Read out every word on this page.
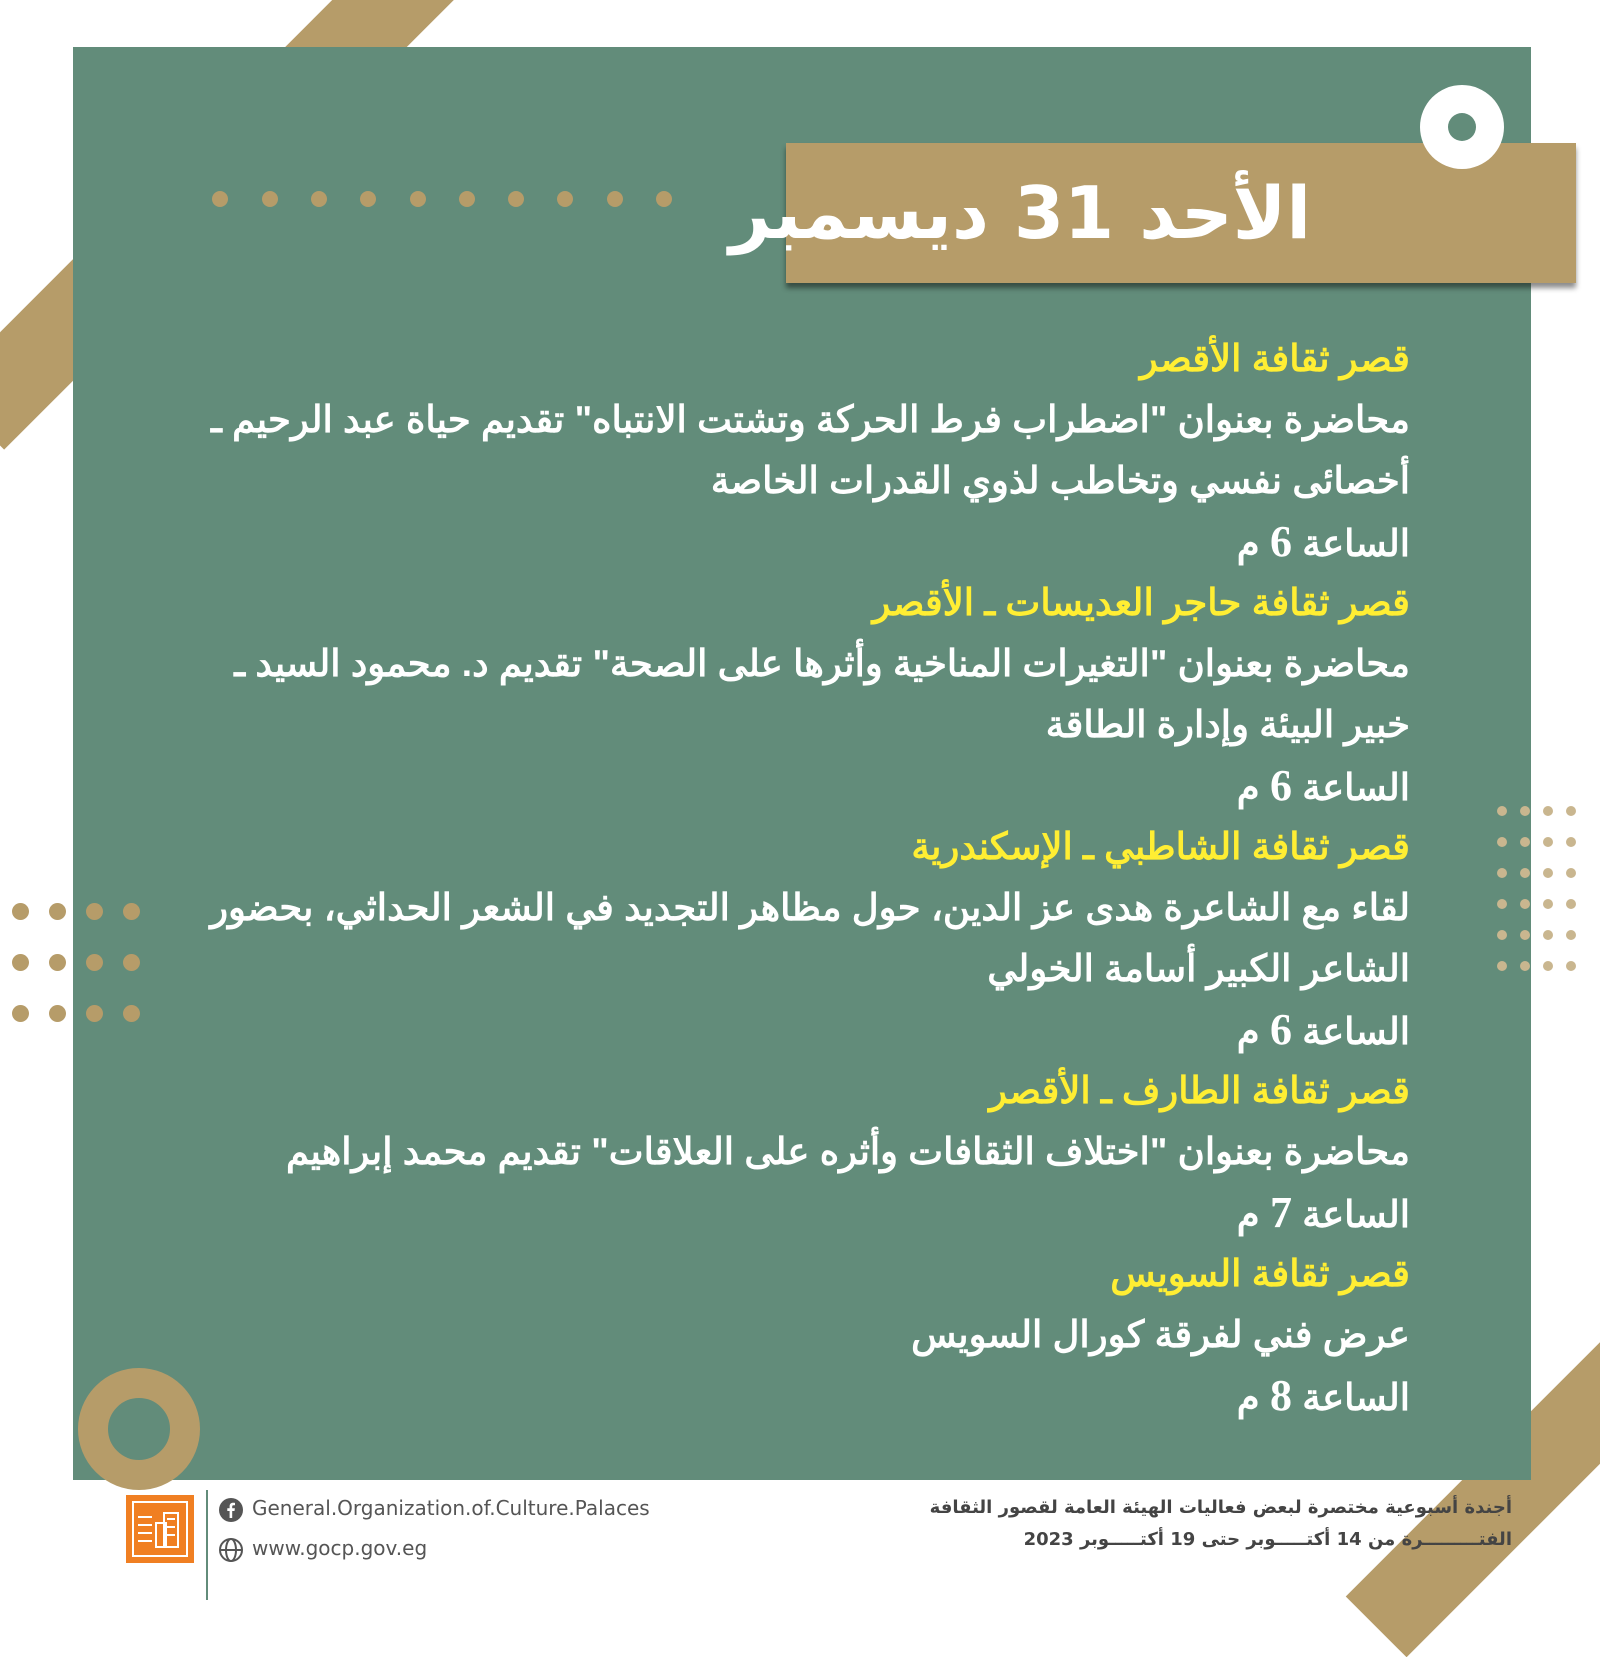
الأحد 31 ديسمبر
قصر ثقافة الأقصر
محاضرة بعنوان "اضطراب فرط الحركة وتشتت الانتباه" تقديم حياة عبد الرحيم ـ أخصائى نفسي وتخاطب لذوي القدرات الخاصة
الساعة 6 م
قصر ثقافة حاجر العديسات ـ الأقصر
محاضرة بعنوان "التغيرات المناخية وأثرها على الصحة" تقديم د. محمود السيد ـ خبير البيئة وإدارة الطاقة
الساعة 6 م
قصر ثقافة الشاطبي ـ الإسكندرية
لقاء مع الشاعرة هدى عز الدين، حول مظاهر التجديد في الشعر الحداثي، بحضور الشاعر الكبير أسامة الخولي
الساعة 6 م
قصر ثقافة الطارف ـ الأقصر
محاضرة بعنوان "اختلاف الثقافات وأثره على العلاقات" تقديم محمد إبراهيم
الساعة 7 م
قصر ثقافة السويس
عرض فني لفرقة كورال السويس
الساعة 8 م
General.Organization.of.Culture.Palaces
www.gocp.gov.eg
أجندة أسبوعية مختصرة لبعض فعاليات الهيئة العامة لقصور الثقافة
الفتـــــــــرة من 14 أكتـــــوبر حتى 19 أكتـــــوبر 2023
